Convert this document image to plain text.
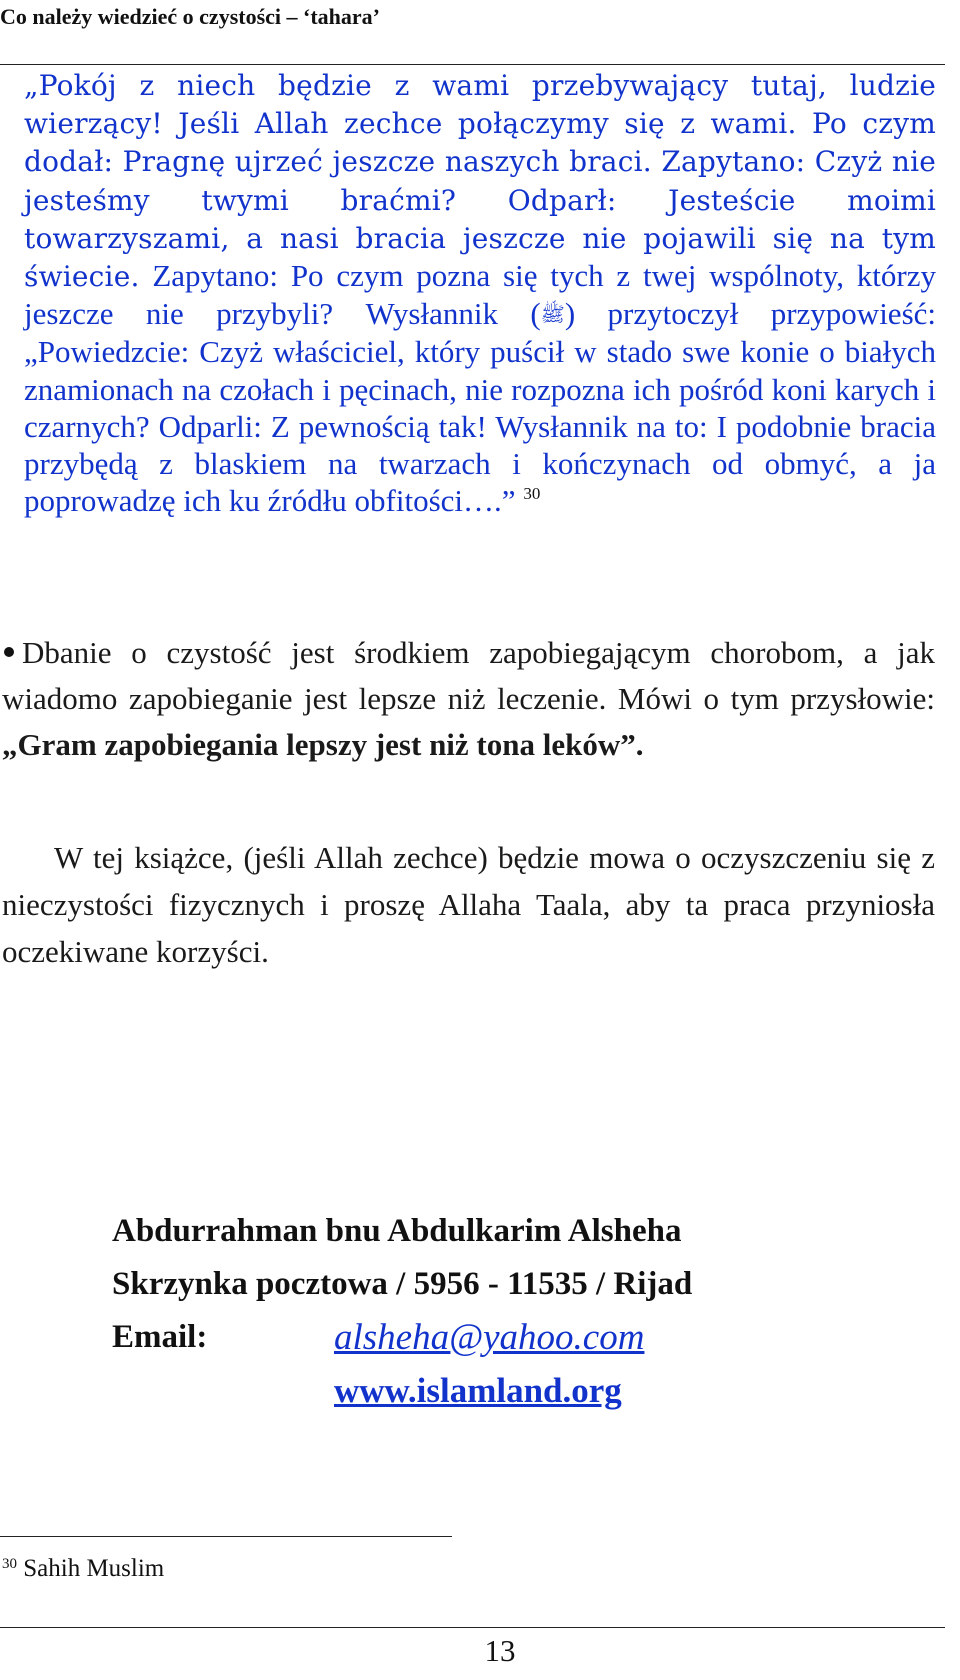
Co należy wiedzieć o czystości – ‘tahara’

„Pokój z niech będzie z wami przebywający tutaj, ludzie wierzący! Jeśli Allah zechce połączymy się z wami. Po czym dodał: Pragnę ujrzeć jeszcze naszych braci. Zapytano: Czyż nie jesteśmy twymi braćmi? Odparł: Jesteście moimi towarzyszami, a nasi bracia jeszcze nie pojawili się na tym świecie. Zapytano: Po czym pozna się tych z twej wspólnoty, którzy jeszcze nie przybyli? Wysłannik (ﷺ) przytoczył przypowieść: „Powiedzcie: Czyż właściciel, który puścił w stado swe konie o białych znamionach na czołach i pęcinach, nie rozpozna ich pośród koni karych i czarnych? Odparli: Z pewnością tak! Wysłannik na to: I podobnie bracia przybędą z blaskiem na twarzach i kończynach od obmyć, a ja poprowadzę ich ku źródłu obfitości….” $^{30}$

Dbanie o czystość jest środkiem zapobiegającym chorobom, a jak wiadomo zapobieganie jest lepsze niż leczenie. Mówi o tym przysłowie: „Gram zapobiegania lepszy jest niż tona leków”.

W tej książce, (jeśli Allah zechce) będzie mowa o oczyszczeniu się z nieczystości fizycznych i proszę Allaha Taala, aby ta praca przyniosła oczekiwane korzyści.

Abdurrahman bnu Abdulkarim Alsheha
Skrzynka pocztowa / 5956 - 11535 / Rijad
Email:	alsheha@yahoo.com
www.islamland.org
$^{30}$ Sahih Muslim
13
